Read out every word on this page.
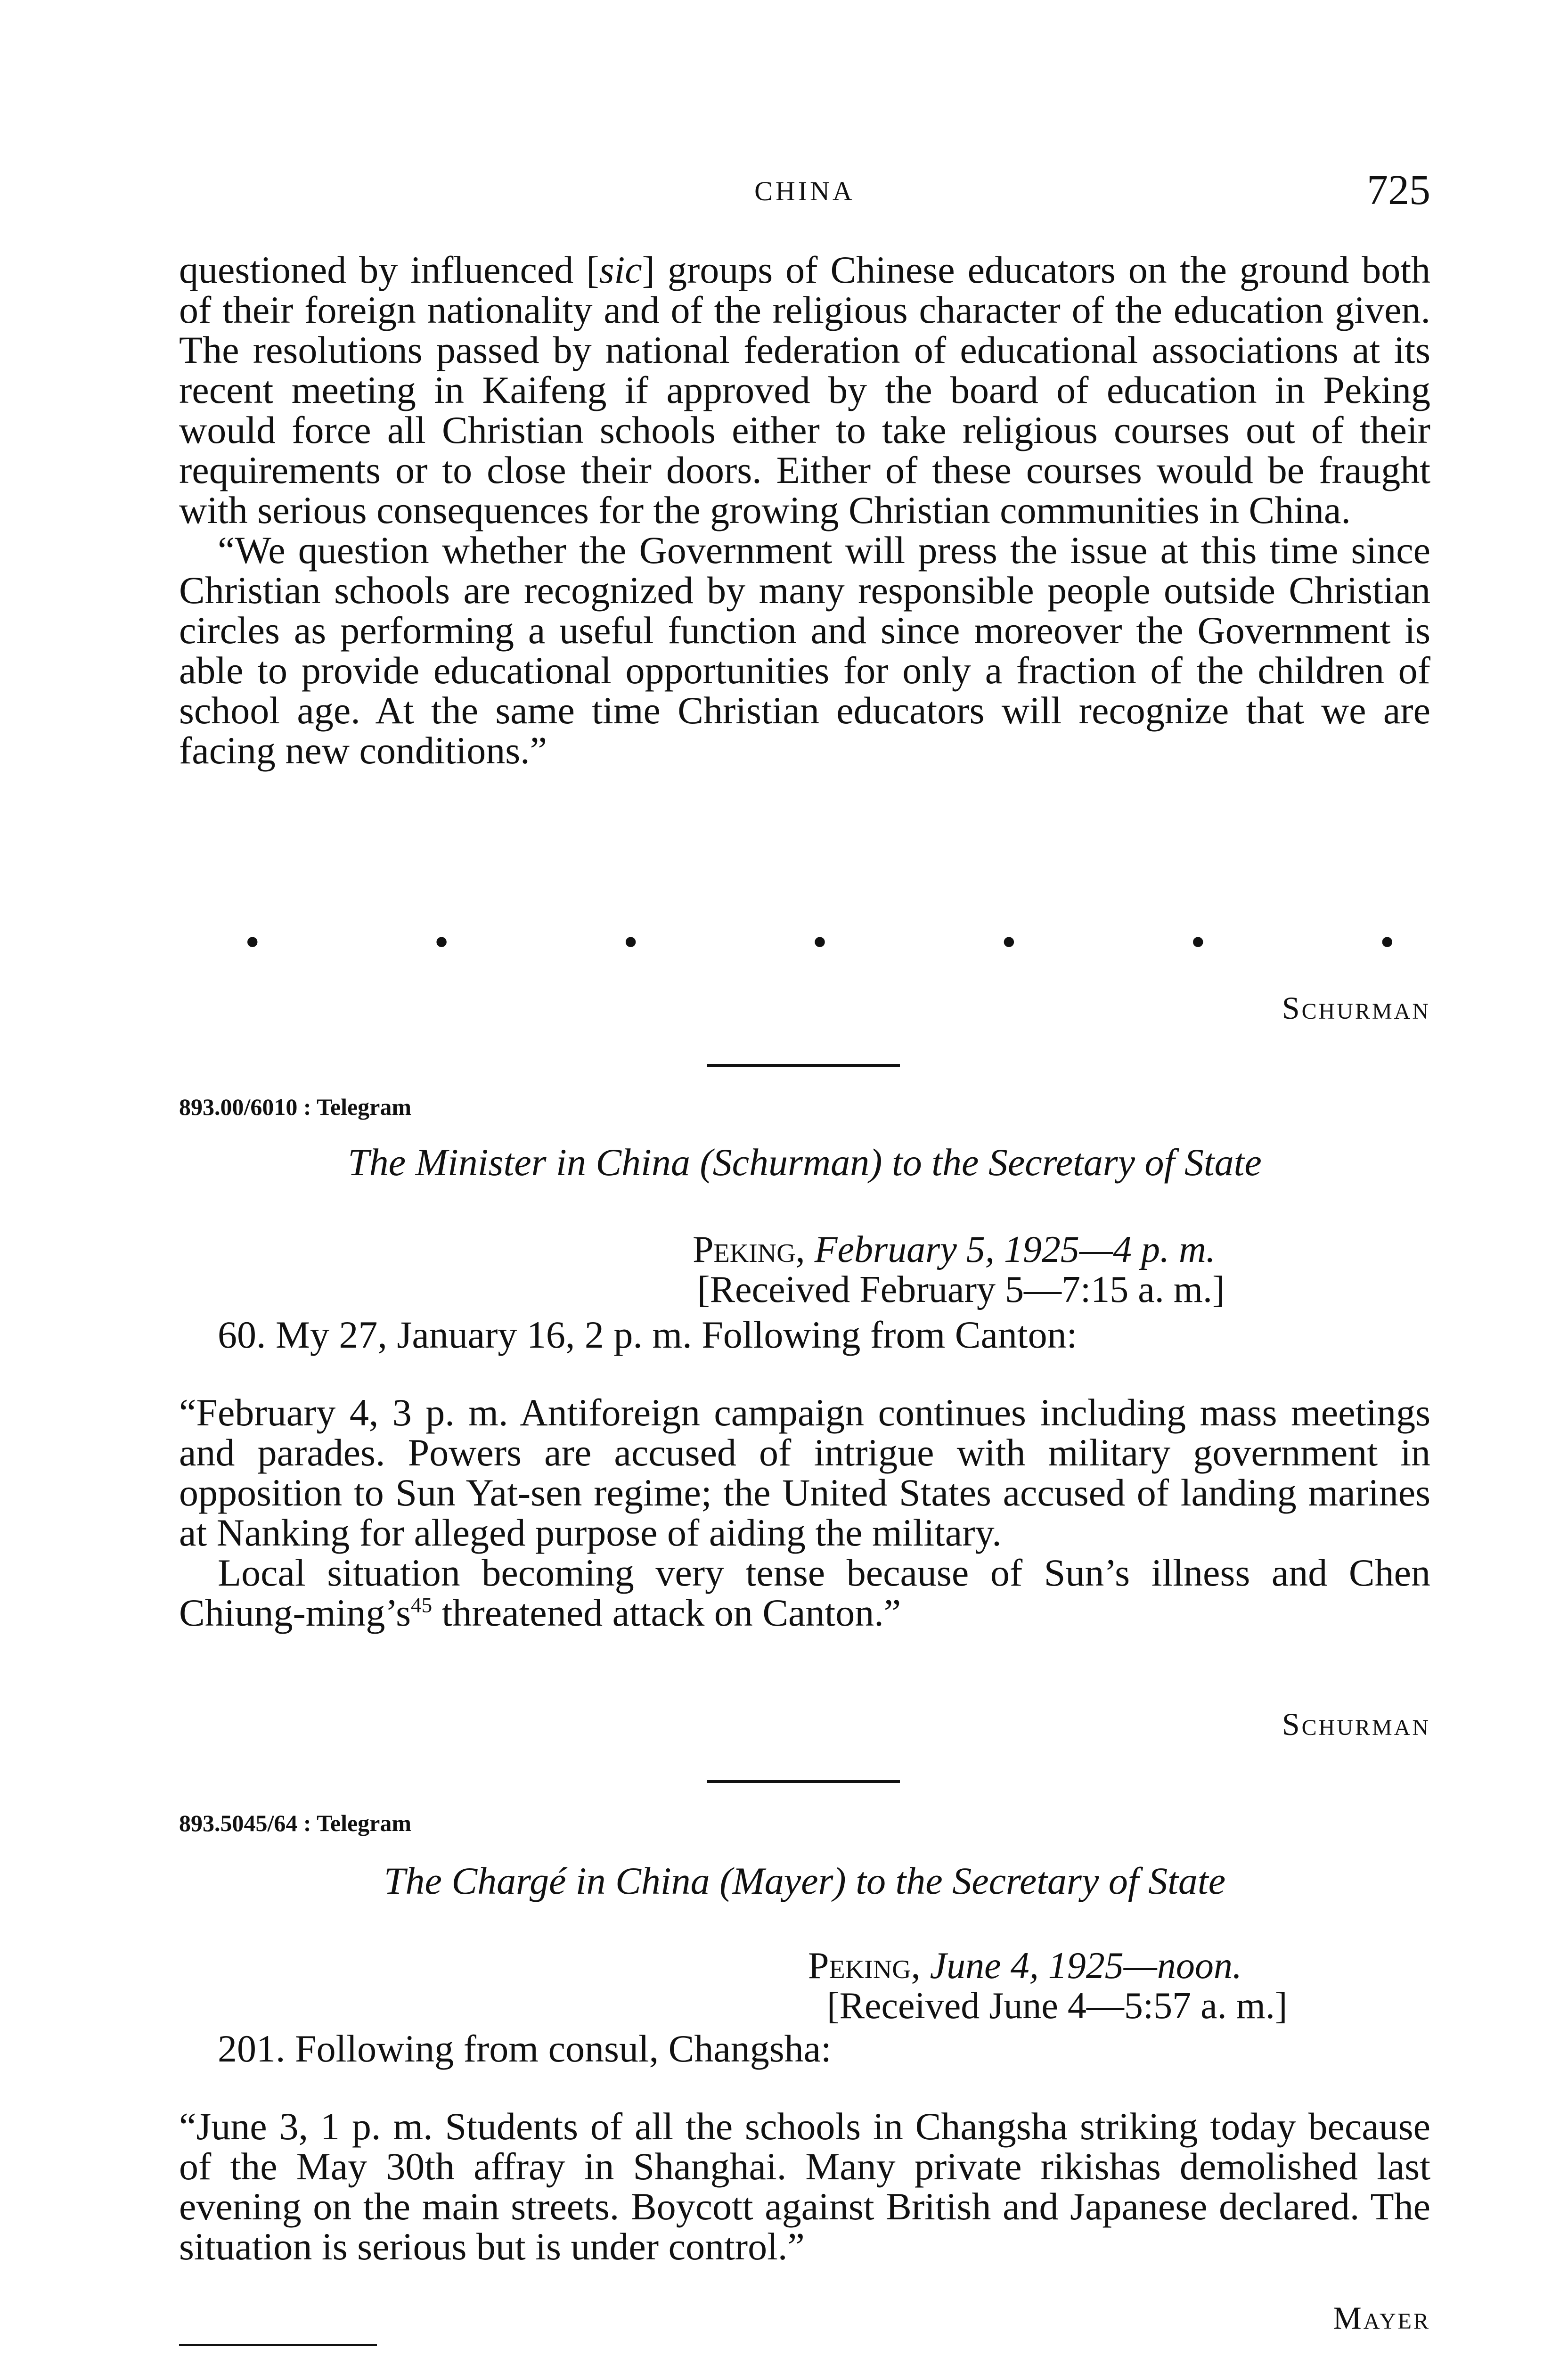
CHINA	725

questioned by influenced [sic] groups of Chinese educators on the ground both of their foreign nationality and of the religious character of the education given. The resolutions passed by national federation of educational associations at its recent meeting in Kaifeng if approved by the board of education in Peking would force all Christian schools either to take religious courses out of their requirements or to close their doors. Either of these courses would be fraught with serious consequences for the growing Christian communities in China.

“We question whether the Government will press the issue at this time since Christian schools are recognized by many responsible people outside Christian circles as performing a useful function and since moreover the Government is able to provide educational opportunities for only a fraction of the children of school age. At the same time Christian educators will recognize that we are facing new conditions.”

•	•	•	•	•	•	•
Schurman
893.00/6010 : Telegram
The Minister in China (Schurman) to the Secretary of State
Peking, February 5, 1925—4 p. m.
[Received February 5—7:15 a. m.]

60. My 27, January 16, 2 p. m. Following from Canton:

“February 4, 3 p. m. Antiforeign campaign continues including mass meetings and parades. Powers are accused of intrigue with military government in opposition to Sun Yat-sen regime; the United States accused of landing marines at Nanking for alleged purpose of aiding the military.

Local situation becoming very tense because of Sun’s illness and Chen Chiung-$\min g’s^{45}$ threatened attack on Canton.”

Schurman
893.5045/64 : Telegram
The Chargé in China (Mayer) to the Secretary of State
Peking, June 4, 1925—noon.
[Received June 4—5:57 a. m.]

201. Following from consul, Changsha:

“June 3, 1 p. m. Students of all the schools in Changsha striking today because of the May 30th affray in Shanghai. Many private rikishas demolished last evening on the main streets. Boycott against British and Japanese declared. The situation is serious but is under control.”

Mayer
